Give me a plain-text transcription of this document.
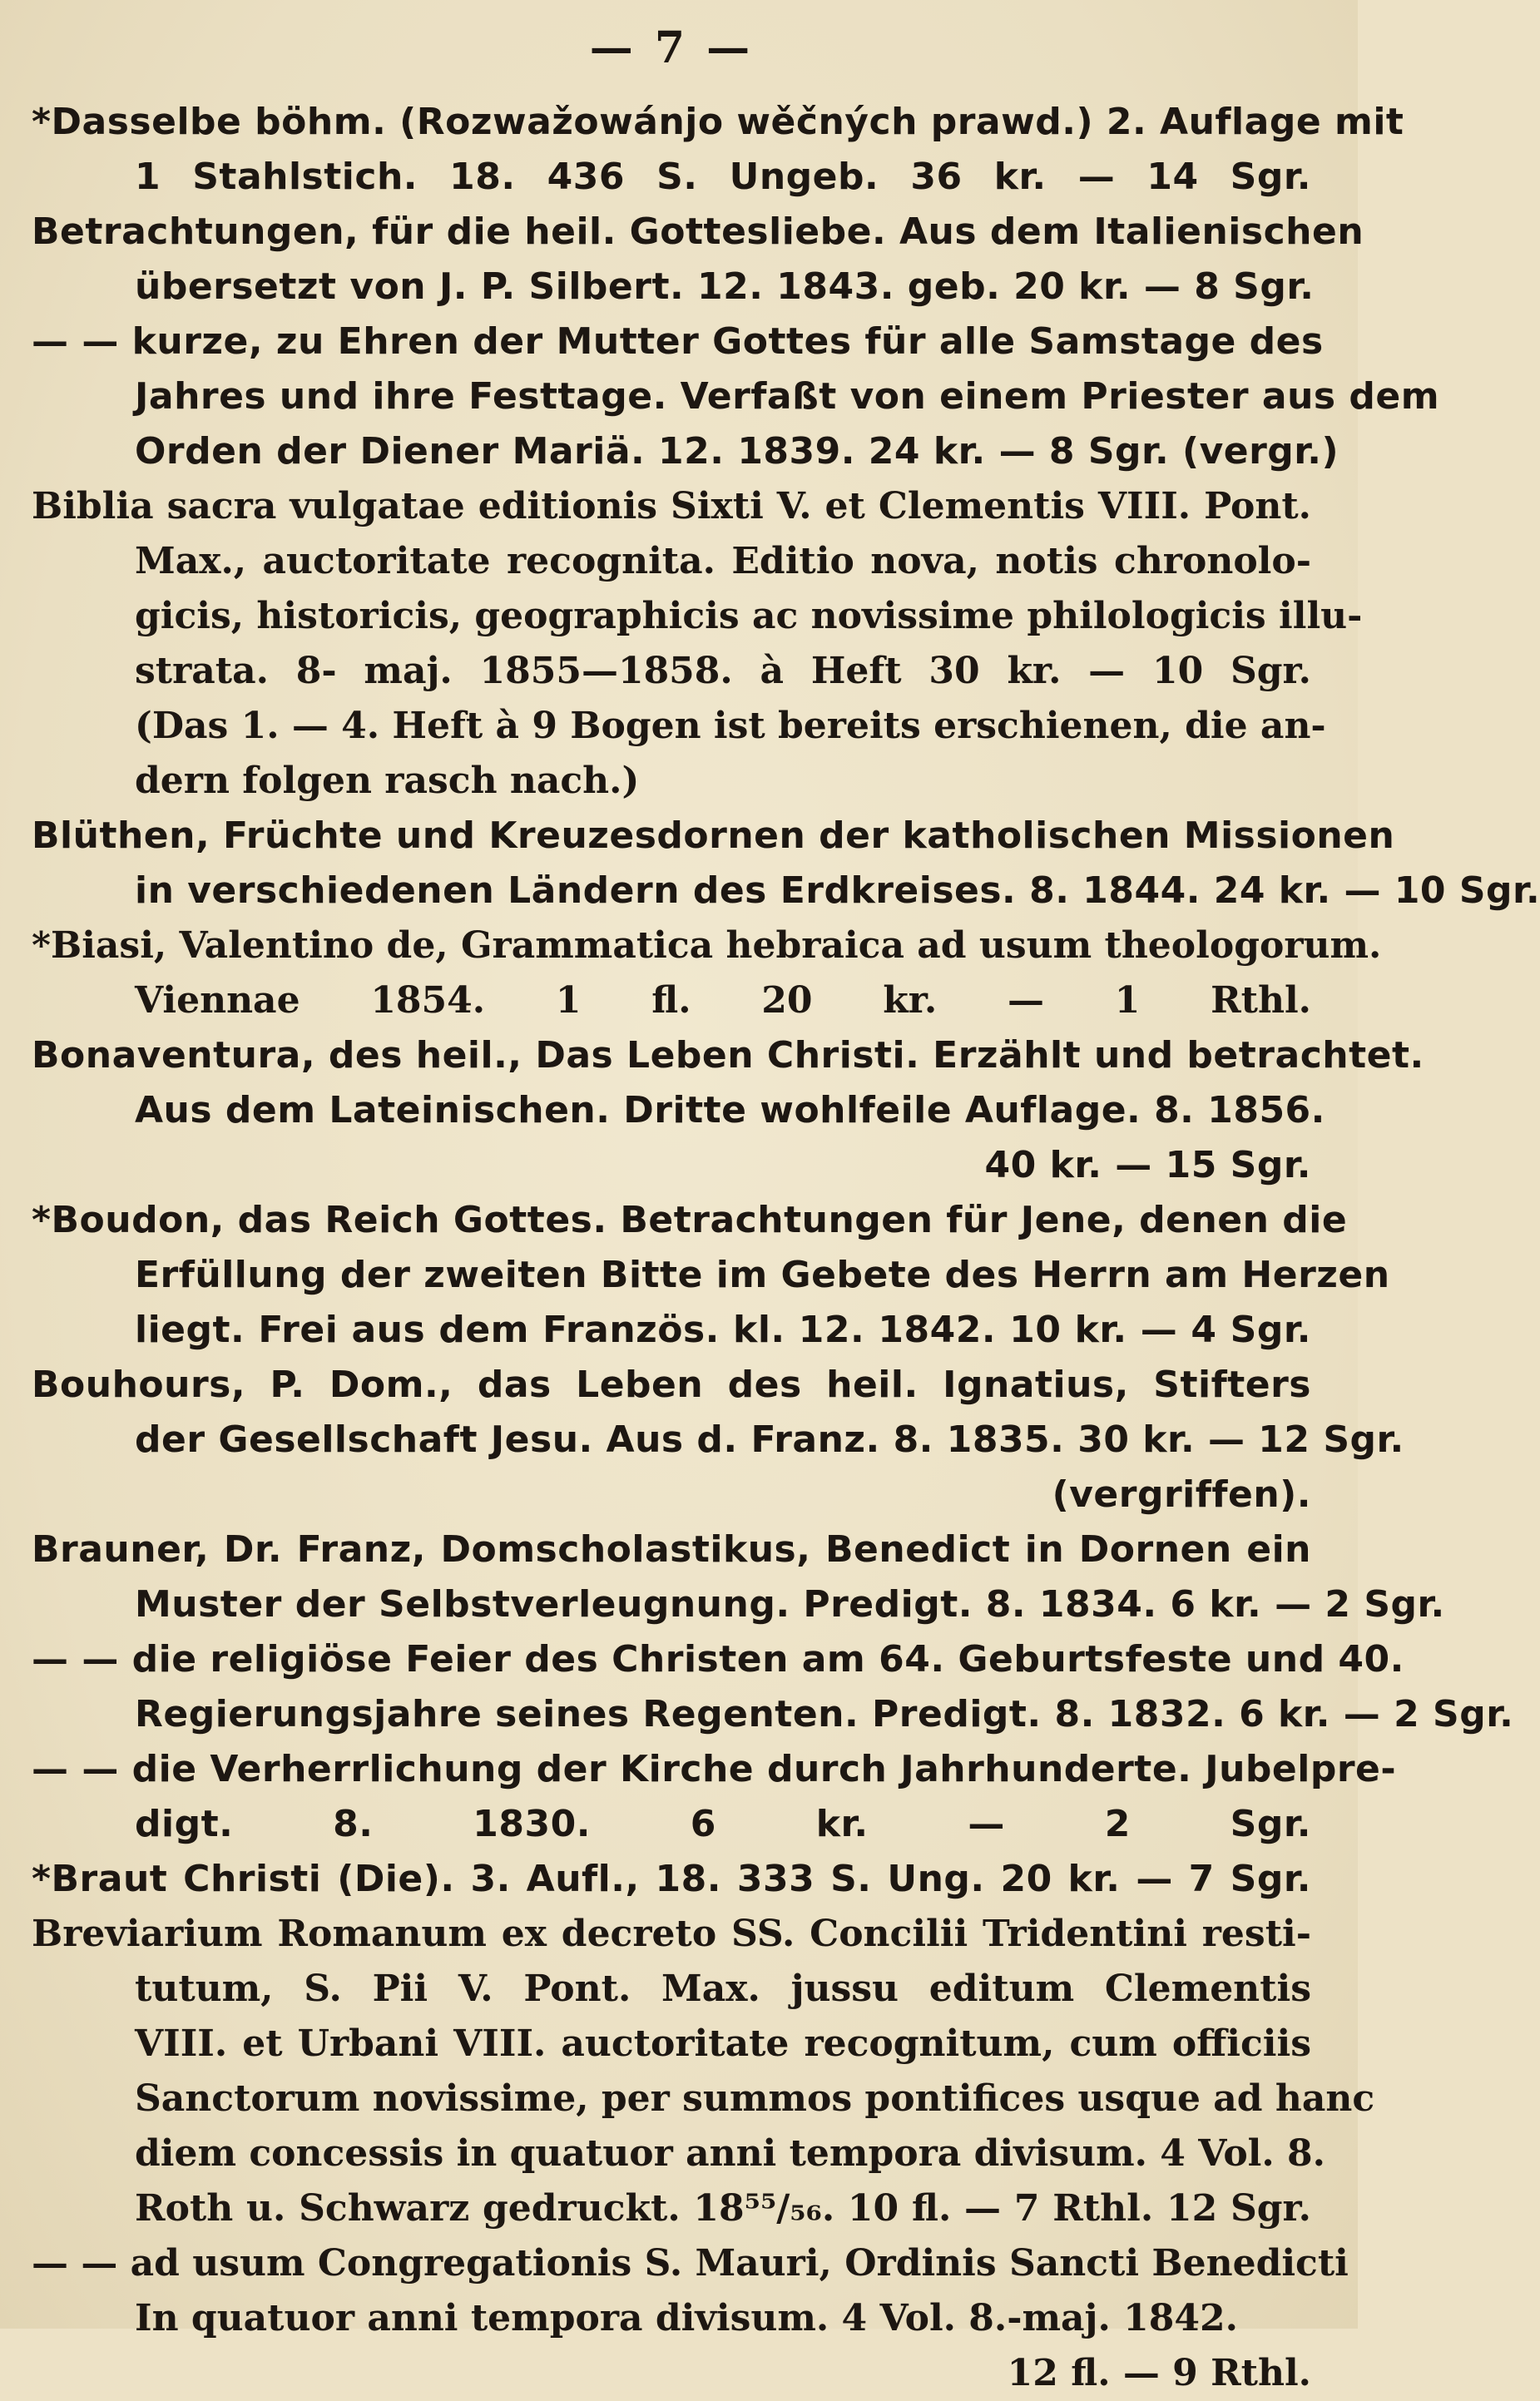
— 7 —
*Dasselbe böhm. (Rozwažowánjo wěčných prawd.) 2. Auflage mit
1 Stahlstich. 18. 436 S. Ungeb. 36 kr. — 14 Sgr.
Betrachtungen, für die heil. Gottesliebe. Aus dem Italienischen
übersetzt von J. P. Silbert. 12. 1843. geb. 20 kr. — 8 Sgr.
— — kurze, zu Ehren der Mutter Gottes für alle Samstage des
Jahres und ihre Festtage. Verfaßt von einem Priester aus dem
Orden der Diener Mariä. 12. 1839. 24 kr. — 8 Sgr. (vergr.)
Biblia sacra vulgatae editionis Sixti V. et Clementis VIII. Pont.
Max., auctoritate recognita. Editio nova, notis chronolo-
gicis, historicis, geographicis ac novissime philologicis illu-
strata. 8- maj. 1855—1858. à Heft 30 kr. — 10 Sgr.
(Das 1. — 4. Heft à 9 Bogen ist bereits erschienen, die an-
dern folgen rasch nach.)
Blüthen, Früchte und Kreuzesdornen der katholischen Missionen
in verschiedenen Ländern des Erdkreises. 8. 1844. 24 kr. — 10 Sgr.
*Biasi, Valentino de, Grammatica hebraica ad usum theologorum.
Viennae 1854. 1 fl. 20 kr. — 1 Rthl.
Bonaventura, des heil., Das Leben Christi. Erzählt und betrachtet.
Aus dem Lateinischen. Dritte wohlfeile Auflage. 8. 1856.
40 kr. — 15 Sgr.
*Boudon, das Reich Gottes. Betrachtungen für Jene, denen die
Erfüllung der zweiten Bitte im Gebete des Herrn am Herzen
liegt. Frei aus dem Französ. kl. 12. 1842. 10 kr. — 4 Sgr.
Bouhours, P. Dom., das Leben des heil. Ignatius, Stifters
der Gesellschaft Jesu. Aus d. Franz. 8. 1835. 30 kr. — 12 Sgr.
(vergriffen).
Brauner, Dr. Franz, Domscholastikus, Benedict in Dornen ein
Muster der Selbstverleugnung. Predigt. 8. 1834. 6 kr. — 2 Sgr.
— — die religiöse Feier des Christen am 64. Geburtsfeste und 40.
Regierungsjahre seines Regenten. Predigt. 8. 1832. 6 kr. — 2 Sgr.
— — die Verherrlichung der Kirche durch Jahrhunderte. Jubelpre-
digt. 8. 1830. 6 kr. — 2 Sgr.
*Braut Christi (Die). 3. Aufl., 18. 333 S. Ung. 20 kr. — 7 Sgr.
Breviarium Romanum ex decreto SS. Concilii Tridentini resti-
tutum, S. Pii V. Pont. Max. jussu editum Clementis
VIII. et Urbani VIII. auctoritate recognitum, cum officiis
Sanctorum novissime, per summos pontifices usque ad hanc
diem concessis in quatuor anni tempora divisum. 4 Vol. 8.
Roth u. Schwarz gedruckt. 18⁵⁵/₅₆. 10 fl. — 7 Rthl. 12 Sgr.
— — ad usum Congregationis S. Mauri, Ordinis Sancti Benedicti
In quatuor anni tempora divisum. 4 Vol. 8.-maj. 1842.
12 fl. — 9 Rthl.
